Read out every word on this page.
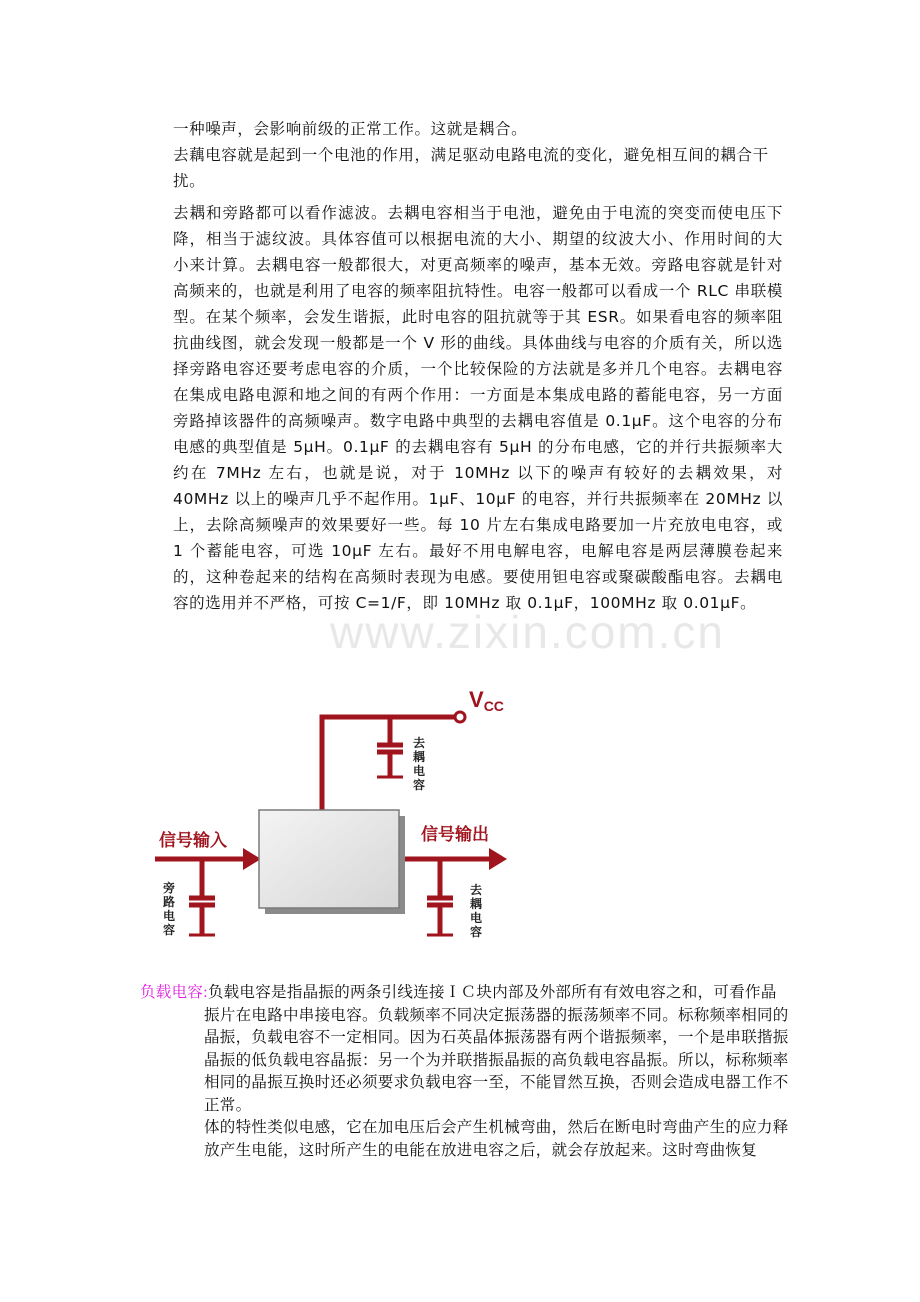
www.zixin.com.cn
一种噪声，会影响前级的正常工作。这就是耦合。
去藕电容就是起到一个电池的作用，满足驱动电路电流的变化，避免相互间的耦合干扰。
去耦和旁路都可以看作滤波。去耦电容相当于电池，避免由于电流的突变而使电压下降，相当于滤纹波。具体容值可以根据电流的大小、期望的纹波大小、作用时间的大小来计算。去耦电容一般都很大，对更高频率的噪声，基本无效。旁路电容就是针对高频来的，也就是利用了电容的频率阻抗特性。电容一般都可以看成一个 RLC 串联模型。在某个频率，会发生谐振，此时电容的阻抗就等于其 ESR。如果看电容的频率阻抗曲线图，就会发现一般都是一个 V 形的曲线。具体曲线与电容的介质有关，所以选择旁路电容还要考虑电容的介质，一个比较保险的方法就是多并几个电容。去耦电容在集成电路电源和地之间的有两个作用：一方面是本集成电路的蓄能电容，另一方面旁路掉该器件的高频噪声。数字电路中典型的去耦电容值是 0.1μF。这个电容的分布电感的典型值是 5μH。0.1μF 的去耦电容有 5μH 的分布电感，它的并行共振频率大约在 7MHz 左右，也就是说，对于 10MHz 以下的噪声有较好的去耦效果，对 40MHz 以上的噪声几乎不起作用。1μF、10μF 的电容，并行共振频率在 20MHz 以上，去除高频噪声的效果要好一些。每 10 片左右集成电路要加一片充放电电容，或 1 个蓄能电容，可选 10μF 左右。最好不用电解电容，电解电容是两层薄膜卷起来的，这种卷起来的结构在高频时表现为电感。要使用钽电容或聚碳酸酯电容。去耦电容的选用并不严格，可按 C=1/F，即 10MHz 取 0.1μF，100MHz 取 0.01μF。
VCC
去
耦
电
容
信号输入	信号输出
旁
路
电
容
去
耦
电
容

负载电容:负载电容是指晶振的两条引线连接ＩＣ块内部及外部所有有效电容之和，可看作晶振片在电路中串接电容。负载频率不同决定振荡器的振荡频率不同。标称频率相同的晶振，负载电容不一定相同。因为石英晶体振荡器有两个谐振频率，一个是串联揩振晶振的低负载电容晶振：另一个为并联揩振晶振的高负载电容晶振。所以，标称频率相同的晶振互换时还必须要求负载电容一至，不能冒然互换，否则会造成电器工作不正常。

体的特性类似电感，它在加电压后会产生机械弯曲，然后在断电时弯曲产生的应力释放产生电能，这时所产生的电能在放进电容之后，就会存放起来。这时弯曲恢复
